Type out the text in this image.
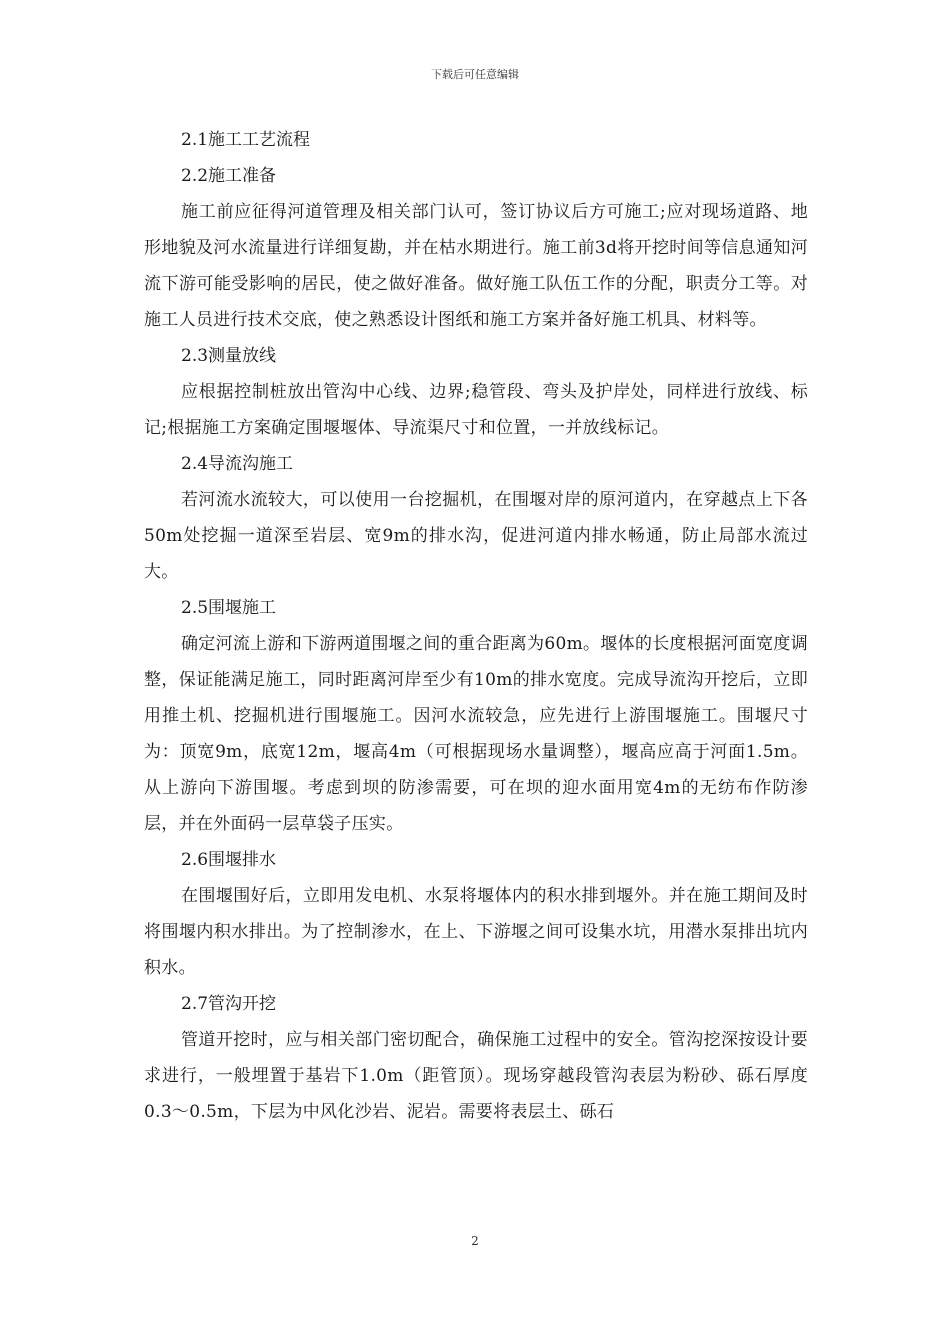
下载后可任意编辑
2.1施工工艺流程
2.2施工准备
施工前应征得河道管理及相关部门认可，签订协议后方可施工;应对现场道路、地形地貌及河水流量进行详细复勘，并在枯水期进行。施工前3d将开挖时间等信息通知河流下游可能受影响的居民，使之做好准备。做好施工队伍工作的分配，职责分工等。对施工人员进行技术交底，使之熟悉设计图纸和施工方案并备好施工机具、材料等。
2.3测量放线
应根据控制桩放出管沟中心线、边界;稳管段、弯头及护岸处，同样进行放线、标记;根据施工方案确定围堰堰体、导流渠尺寸和位置，一并放线标记。
2.4导流沟施工
若河流水流较大，可以使用一台挖掘机，在围堰对岸的原河道内，在穿越点上下各50m处挖掘一道深至岩层、宽9m的排水沟，促进河道内排水畅通，防止局部水流过大。
2.5围堰施工
确定河流上游和下游两道围堰之间的重合距离为60m。堰体的长度根据河面宽度调整，保证能满足施工，同时距离河岸至少有10m的排水宽度。完成导流沟开挖后，立即用推土机、挖掘机进行围堰施工。因河水流较急，应先进行上游围堰施工。围堰尺寸为：顶宽9m，底宽12m，堰高4m（可根据现场水量调整），堰高应高于河面1.5m。从上游向下游围堰。考虑到坝的防渗需要，可在坝的迎水面用宽4m的无纺布作防渗层，并在外面码一层草袋子压实。
2.6围堰排水
在围堰围好后，立即用发电机、水泵将堰体内的积水排到堰外。并在施工期间及时将围堰内积水排出。为了控制渗水，在上、下游堰之间可设集水坑，用潜水泵排出坑内积水。
2.7管沟开挖
管道开挖时，应与相关部门密切配合，确保施工过程中的安全。管沟挖深按设计要求进行，一般埋置于基岩下1.0m（距管顶）。现场穿越段管沟表层为粉砂、砾石厚度0.3～0.5m，下层为中风化沙岩、泥岩。需要将表层土、砾石
2
